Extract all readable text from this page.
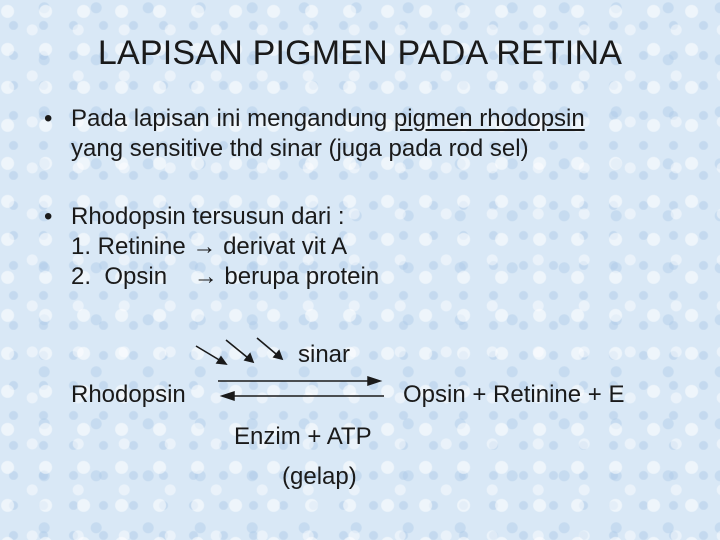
LAPISAN PIGMEN PADA RETINA
• Pada lapisan ini mengandung pigmen rhodopsin
yang sensitive thd sinar (juga pada rod sel)
• Rhodopsin tersusun dari :
1. Retinine → derivat vit A
2.  Opsin    → berupa protein
sinar
Rhodopsin	Opsin + Retinine + E
Enzim + ATP
(gelap)
